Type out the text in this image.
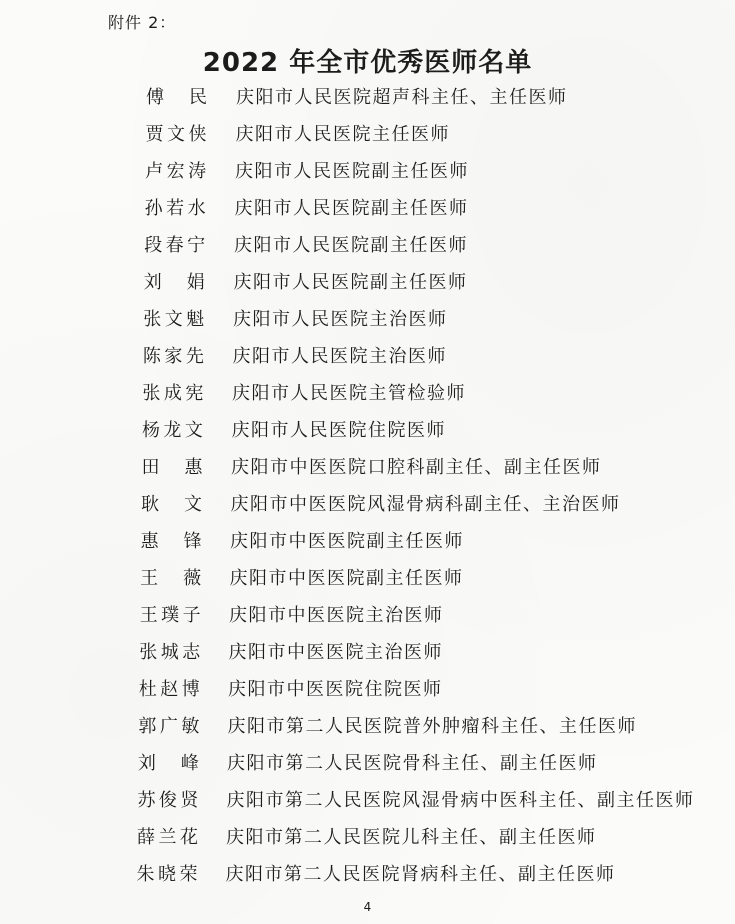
附件 2：
2022 年全市优秀医师名单
傅　民 庆阳市人民医院超声科主任、主任医师
贾文侠 庆阳市人民医院主任医师
卢宏涛 庆阳市人民医院副主任医师
孙若水 庆阳市人民医院副主任医师
段春宁 庆阳市人民医院副主任医师
刘　娟 庆阳市人民医院副主任医师
张文魁 庆阳市人民医院主治医师
陈家先 庆阳市人民医院主治医师
张成宪 庆阳市人民医院主管检验师
杨龙文 庆阳市人民医院住院医师
田　惠 庆阳市中医医院口腔科副主任、副主任医师
耿　文 庆阳市中医医院风湿骨病科副主任、主治医师
惠　锋 庆阳市中医医院副主任医师
王　薇 庆阳市中医医院副主任医师
王璞子 庆阳市中医医院主治医师
张城志 庆阳市中医医院主治医师
杜赵博 庆阳市中医医院住院医师
郭广敏 庆阳市第二人民医院普外肿瘤科主任、主任医师
刘　峰 庆阳市第二人民医院骨科主任、副主任医师
苏俊贤 庆阳市第二人民医院风湿骨病中医科主任、副主任医师
薛兰花 庆阳市第二人民医院儿科主任、副主任医师
朱晓荣 庆阳市第二人民医院肾病科主任、副主任医师
4
